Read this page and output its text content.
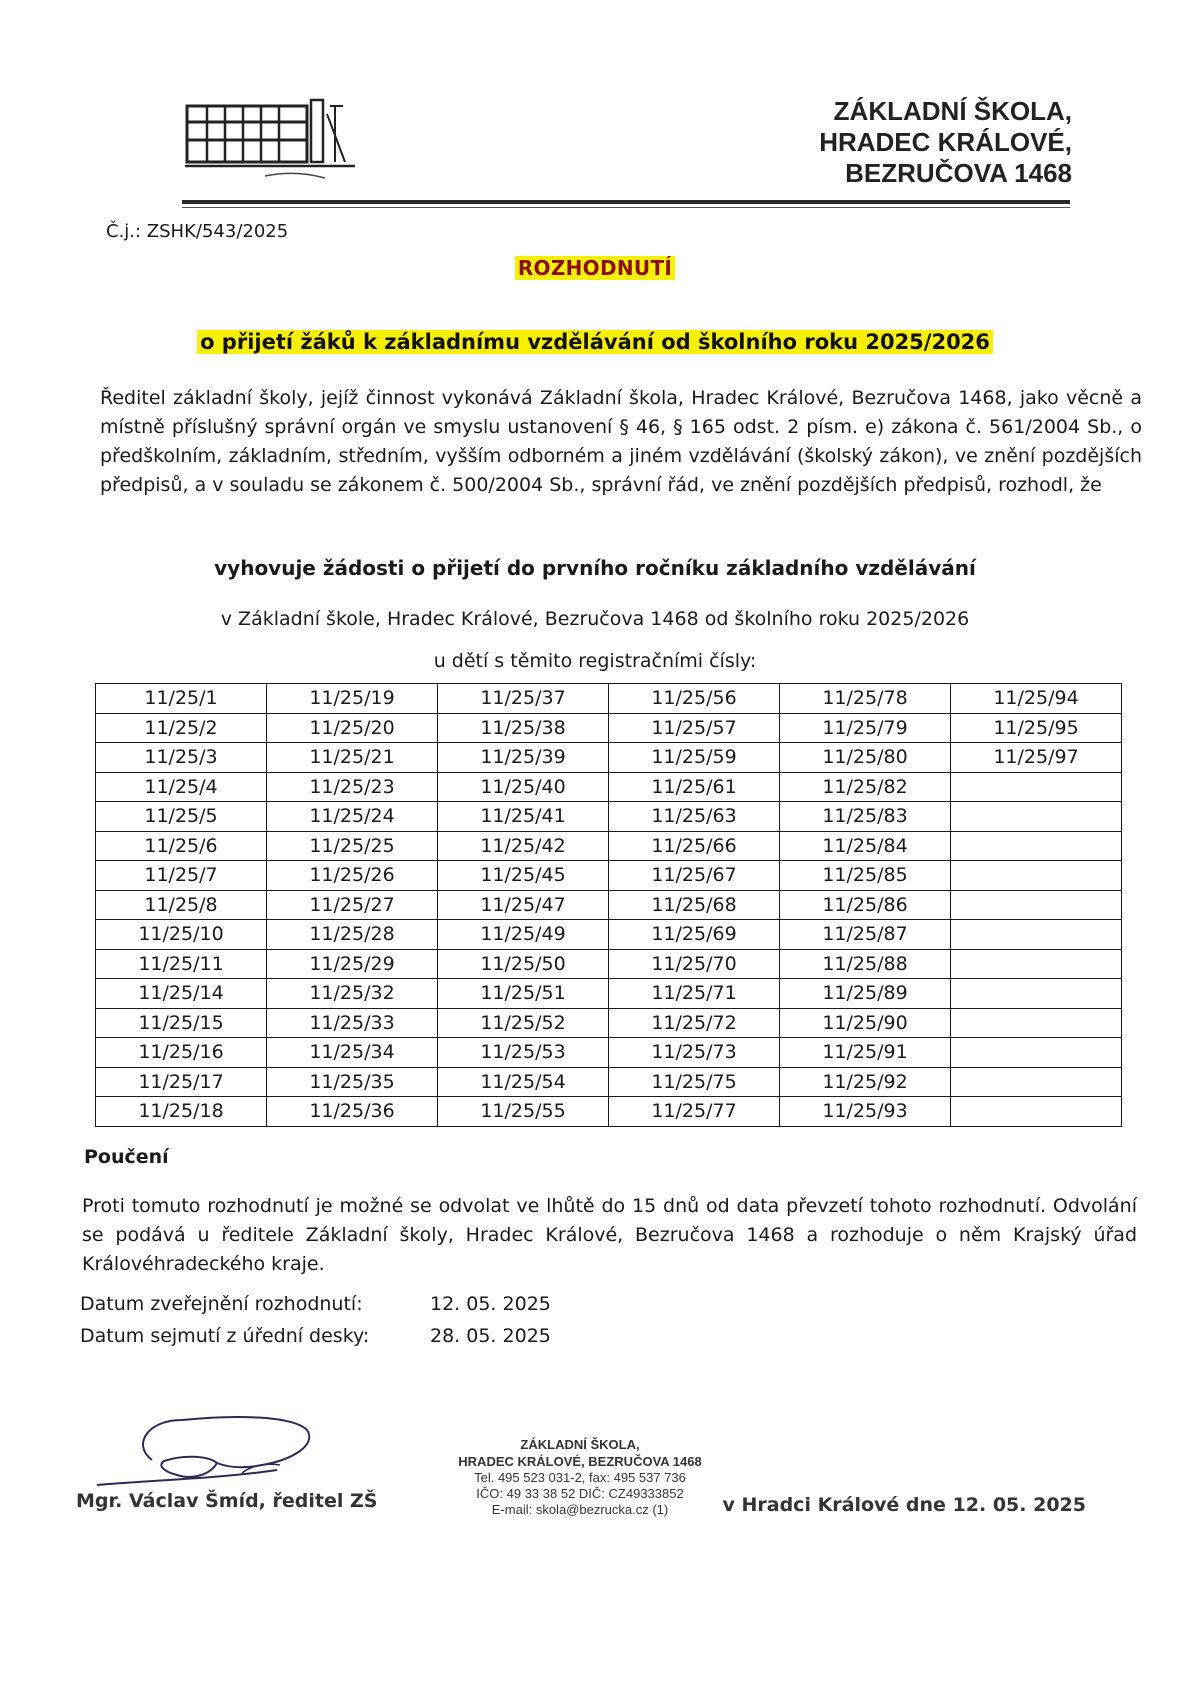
ZÁKLADNÍ ŠKOLA,
HRADEC KRÁLOVÉ,
BEZRUČOVA 1468
Č.j.: ZSHK/543/2025
ROZHODNUTÍ
o přijetí žáků k základnímu vzdělávání od školního roku 2025/2026
Ředitel základní školy, jejíž činnost vykonává Základní škola, Hradec Králové, Bezručova 1468, jako věcně a místně příslušný správní orgán ve smyslu ustanovení § 46, § 165 odst. 2 písm. e) zákona č. 561/2004 Sb., o předškolním, základním, středním, vyšším odborném a jiném vzdělávání (školský zákon), ve znění pozdějších předpisů, a v souladu se zákonem č. 500/2004 Sb., správní řád, ve znění pozdějších předpisů, rozhodl, že
vyhovuje žádosti o přijetí do prvního ročníku základního vzdělávání
v Základní škole, Hradec Králové, Bezručova 1468 od školního roku 2025/2026
u dětí s těmito registračními čísly:
11/25/1	11/25/19	11/25/37	11/25/56	11/25/78	11/25/94
11/25/2	11/25/20	11/25/38	11/25/57	11/25/79	11/25/95
11/25/3	11/25/21	11/25/39	11/25/59	11/25/80	11/25/97
11/25/4	11/25/23	11/25/40	11/25/61	11/25/82	
11/25/5	11/25/24	11/25/41	11/25/63	11/25/83	
11/25/6	11/25/25	11/25/42	11/25/66	11/25/84	
11/25/7	11/25/26	11/25/45	11/25/67	11/25/85	
11/25/8	11/25/27	11/25/47	11/25/68	11/25/86	
11/25/10	11/25/28	11/25/49	11/25/69	11/25/87	
11/25/11	11/25/29	11/25/50	11/25/70	11/25/88	
11/25/14	11/25/32	11/25/51	11/25/71	11/25/89	
11/25/15	11/25/33	11/25/52	11/25/72	11/25/90	
11/25/16	11/25/34	11/25/53	11/25/73	11/25/91	
11/25/17	11/25/35	11/25/54	11/25/75	11/25/92	
11/25/18	11/25/36	11/25/55	11/25/77	11/25/93	
Poučení
Proti tomuto rozhodnutí je možné se odvolat ve lhůtě do 15 dnů od data převzetí tohoto rozhodnutí. Odvolání se podává u ředitele Základní školy, Hradec Králové, Bezručova 1468 a rozhoduje o něm Krajský úřad Královéhradeckého kraje.
Datum zveřejnění rozhodnutí:	12. 05. 2025
Datum sejmutí z úřední desky:	28. 05. 2025
Mgr. Václav Šmíd, ředitel ZŠ
ZÁKLADNÍ ŠKOLA,
HRADEC KRÁLOVÉ, BEZRUČOVA 1468
Tel. 495 523 031-2, fax: 495 537 736
IČO: 49 33 38 52 DIČ: CZ49333852
E-mail: skola@bezrucka.cz (1)	v Hradci Králové dne 12. 05. 2025
